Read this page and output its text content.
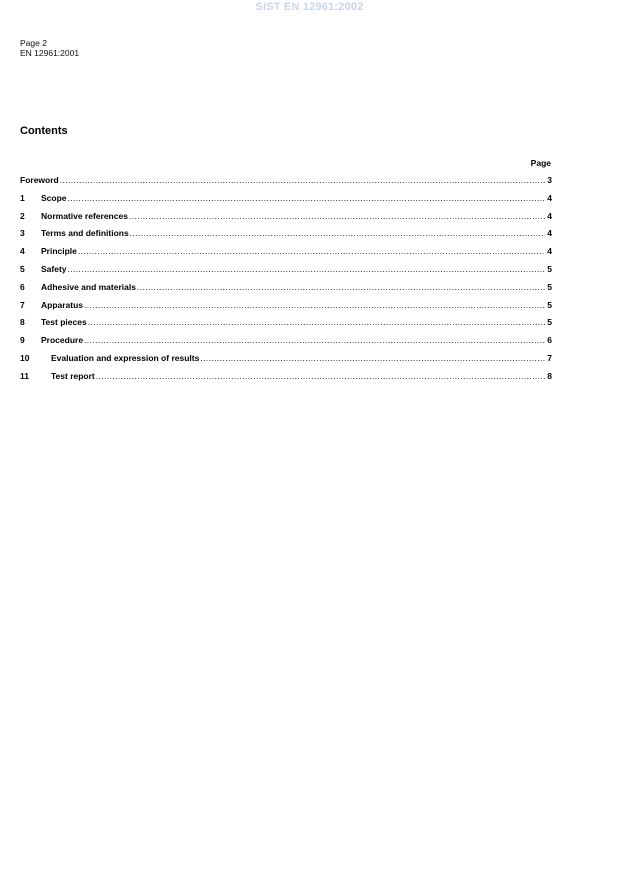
SIST EN 12961:2002
Page 2
EN 12961:2001
Contents
Page
Foreword .....	3
1	Scope .....	4
2	Normative references .....	4
3	Terms and definitions .....	4
4	Principle .....	4
5	Safety .....	5
6	Adhesive and materials .....	5
7	Apparatus .....	5
8	Test pieces .....	5
9	Procedure .....	6
10	Evaluation and expression of results .....	7
11	Test report .....	8
